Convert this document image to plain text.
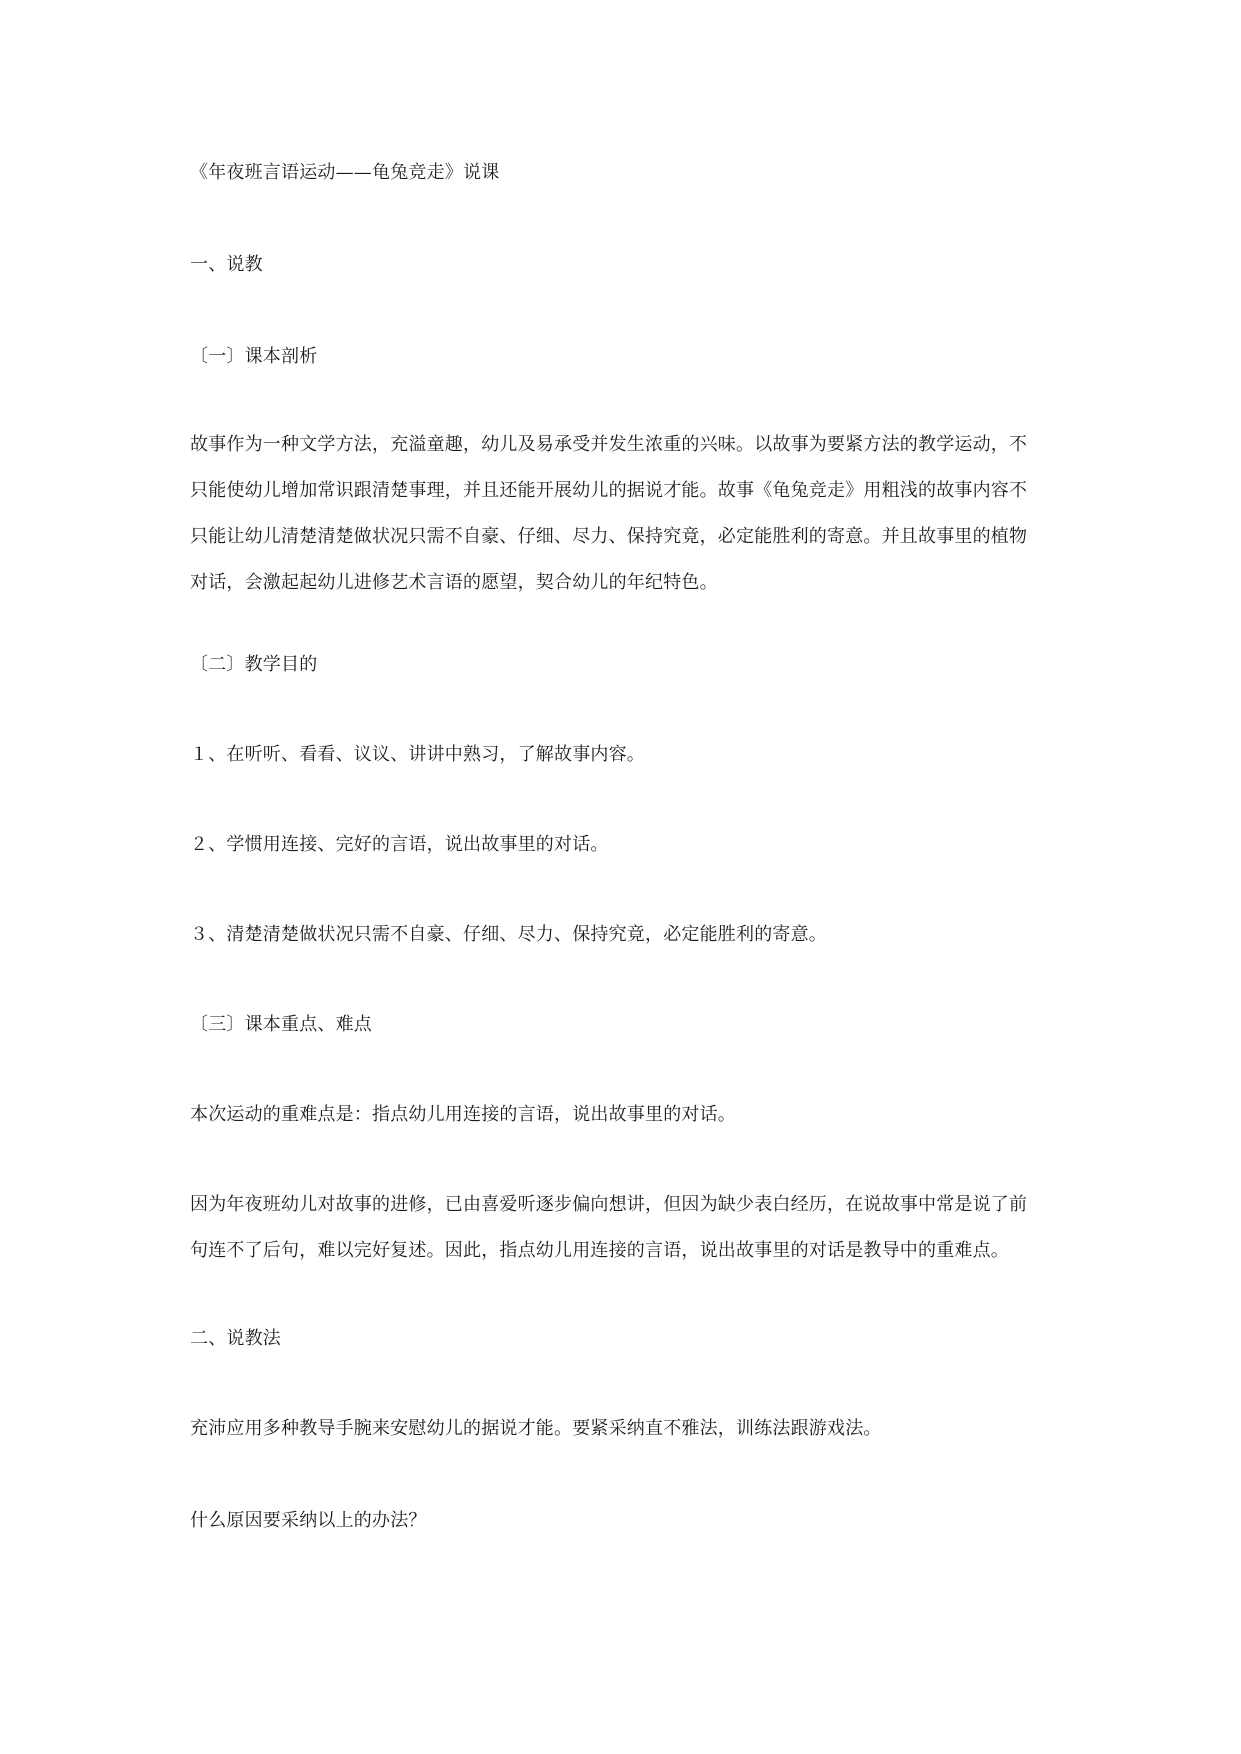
《年夜班言语运动——龟兔竞走》说课
一、说教
〔一〕课本剖析
故事作为一种文学方法，充溢童趣，幼儿及易承受并发生浓重的兴味。以故事为要紧方法的教学运动，不
只能使幼儿增加常识跟清楚事理，并且还能开展幼儿的据说才能。故事《龟兔竞走》用粗浅的故事内容不
只能让幼儿清楚清楚做状况只需不自豪、仔细、尽力、保持究竟，必定能胜利的寄意。并且故事里的植物
对话，会激起起幼儿进修艺术言语的愿望，契合幼儿的年纪特色。
〔二〕教学目的
１、在听听、看看、议议、讲讲中熟习，了解故事内容。
２、学惯用连接、完好的言语，说出故事里的对话。
３、清楚清楚做状况只需不自豪、仔细、尽力、保持究竟，必定能胜利的寄意。
〔三〕课本重点、难点
本次运动的重难点是：指点幼儿用连接的言语，说出故事里的对话。
因为年夜班幼儿对故事的进修，已由喜爱听逐步偏向想讲，但因为缺少表白经历，在说故事中常是说了前
句连不了后句，难以完好复述。因此，指点幼儿用连接的言语，说出故事里的对话是教导中的重难点。
二、说教法
充沛应用多种教导手腕来安慰幼儿的据说才能。要紧采纳直不雅法，训练法跟游戏法。
什么原因要采纳以上的办法？
